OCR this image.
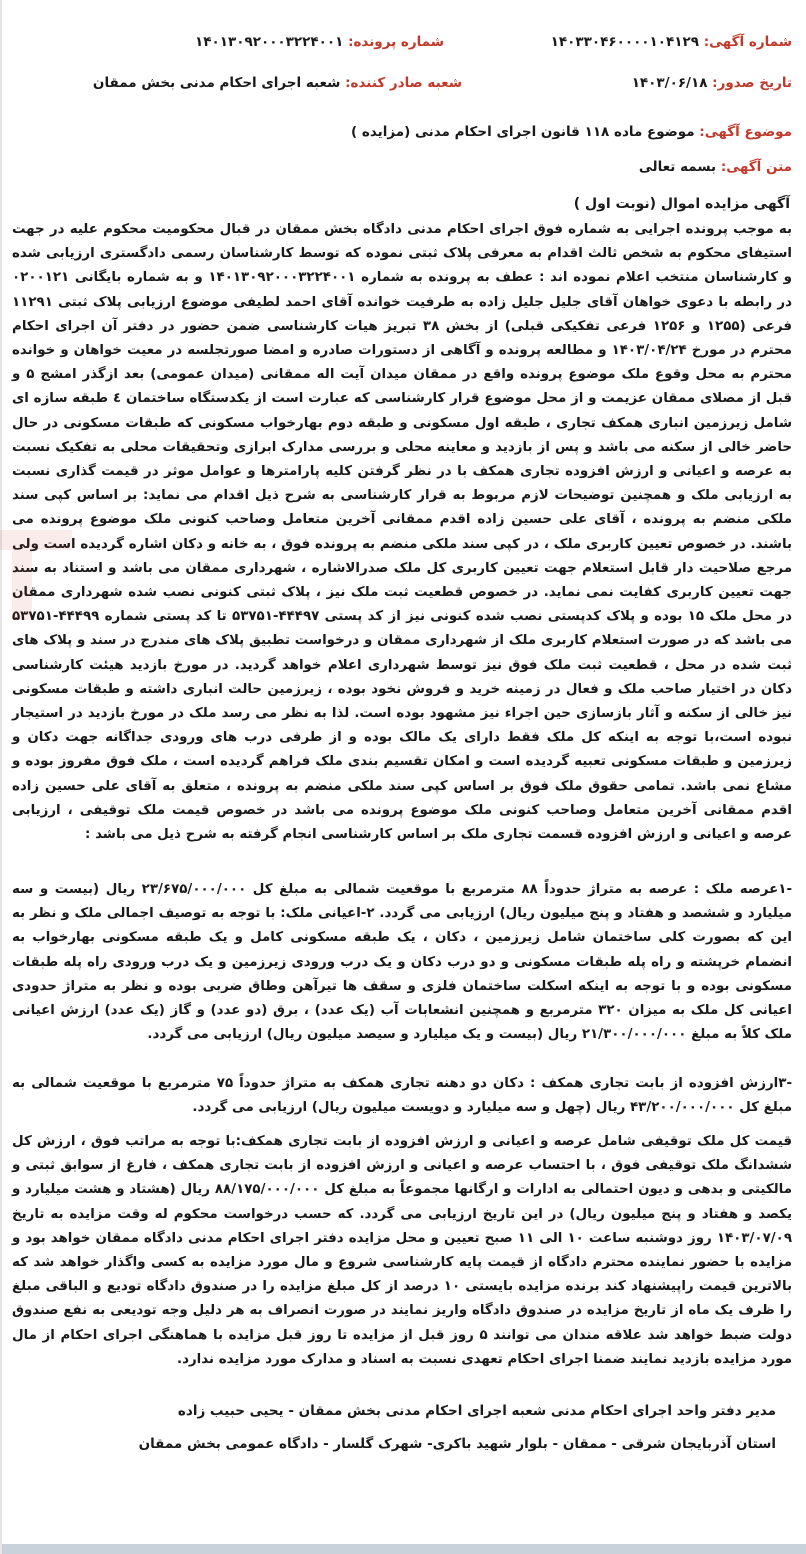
شماره آگهی: ۱۴۰۳۳۰۴۶۰۰۰۰۱۰۴۱۲۹
شماره پرونده: ۱۴۰۱۳۰۹۲۰۰۰۳۲۲۴۰۰۱
تاریخ صدور: ۱۴۰۳/۰۶/۱۸
شعبه صادر کننده: شعبه اجرای احکام مدنی بخش ممقان
موضوع آگهی: موضوع ماده ۱۱۸ قانون اجرای احکام مدنی (مزایده )
متن آگهی: بسمه تعالی
آگهی مزایده اموال (نوبت اول )
به موجب پرونده اجرایی به شماره فوق اجرای احکام مدنی دادگاه بخش ممقان در قبال محکومیت محکوم علیه در جهت استیفای محکوم به شخص ثالث اقدام به معرفی پلاک ثبتی نموده که توسط کارشناسان رسمی دادگستری ارزیابی شده و کارشناسان منتخب اعلام نموده اند : عطف به پرونده به شماره ۱۴۰۱۳۰۹۲۰۰۰۳۲۲۴۰۰۱ و به شماره بایگانی ۰۲۰۰۱۲۱ در رابطه با دعوی خواهان آقای جلیل جلیل زاده به طرفیت خوانده آقای احمد لطیفی موضوع ارزیابی پلاک ثبتی ۱۱۲۹۱ فرعی (۱۲۵۵ و ۱۲۵۶ فرعی تفکیکی قبلی) از بخش ۳۸ تبریز هیات کارشناسی ضمن حضور در دفتر آن اجرای احکام محترم در مورخ ۱۴۰۳/۰۴/۲۴ و مطالعه پرونده و آگاهی از دستورات صادره و امضا صورتجلسه در معیت خواهان و خوانده محترم به محل وقوع ملک موضوع پرونده واقع در ممقان میدان آیت اله ممقانی (میدان عمومی) بعد ازگذر امشج ۵ و قبل از مصلای ممقان عزیمت و از محل موضوع قرار کارشناسی که عبارت است از یکدستگاه ساختمان ٤ طبقه سازه ای شامل زیرزمین انباری همکف تجاری ، طبقه اول مسکونی و طبقه دوم بهارخواب مسکونی که طبقات مسکونی در حال حاضر خالی از سکنه می باشد و پس از بازدید و معاینه محلی و بررسی مدارک ابرازی وتحقیقات محلی به تفکیک نسبت به عرصه و اعیانی و ارزش افزوده تجاری همکف با در نظر گرفتن کلیه پارامترها و عوامل موثر در قیمت گذاری نسبت به ارزیابی ملک و همچنین توضیحات لازم مربوط به قرار کارشناسی به شرح ذیل اقدام می نماید: بر اساس کپی سند ملکی منضم به پرونده ، آقای علی حسین زاده اقدم ممقانی آخرین متعامل وصاحب کنونی ملک موضوع پرونده می باشند. در خصوص تعیین کاربری ملک ، در کپی سند ملکی منضم به پرونده فوق ، به خانه و دکان اشاره گردیده است ولی مرجع صلاحیت دار قابل استعلام جهت تعیین کاربری کل ملک صدرالاشاره ، شهرداری ممقان می باشد و استناد به سند جهت تعیین کاربری کفایت نمی نماید. در خصوص قطعیت ثبت ملک نیز ، پلاک ثبتی کنونی نصب شده شهرداری ممقان در محل ملک ۱۵ بوده و پلاک کدپستی نصب شده کنونی نیز از کد پستی ۴۴۴۹۷-۵۳۷۵۱ تا کد پستی شماره ۴۴۴۹۹-۵۳۷۵۱ می باشد که در صورت استعلام کاربری ملک از شهرداری ممقان و درخواست تطبیق پلاک های مندرج در سند و پلاک های ثبت شده در محل ، قطعیت ثبت ملک فوق نیز توسط شهرداری اعلام خواهد گردید. در مورخ بازدید هیئت کارشناسی دکان در اختیار صاحب ملک و فعال در زمینه خرید و فروش نخود بوده ، زیرزمین حالت انباری داشته و طبقات مسکونی نیز خالی از سکنه و آثار بازسازی حین اجراء نیز مشهود بوده است. لذا به نظر می رسد ملک در مورخ بازدید در استیجار نبوده است،با توجه به اینکه کل ملک فقط دارای یک مالک بوده و از طرفی درب های ورودی جداگانه جهت دکان و زیرزمین و طبقات مسکونی تعبیه گردیده است و امکان تقسیم بندی ملک فراهم گردیده است ، ملک فوق مفروز بوده و مشاع نمی باشد. تمامی حقوق ملک فوق بر اساس کپی سند ملکی منضم به پرونده ، متعلق به آقای علی حسین زاده اقدم ممقانی آخرین متعامل وصاحب کنونی ملک موضوع پرونده می باشد در خصوص قیمت ملک توقیفی ، ارزیابی عرصه و اعیانی و ارزش افزوده قسمت تجاری ملک بر اساس کارشناسی انجام گرفته به شرح ذیل می باشد :
-۱عرصه ملک : عرصه به متراژ حدوداً ۸۸ مترمربع با موقعیت شمالی به مبلغ کل ۲۳/۶۷۵/۰۰۰/۰۰۰ ریال (بیست و سه میلیارد و ششصد و هفتاد و پنج میلیون ریال) ارزیابی می گردد. ۲-اعیانی ملک: با توجه به توصیف اجمالی ملک و نظر به این که بصورت کلی ساختمان شامل زیرزمین ، دکان ، یک طبقه مسکونی کامل و یک طبقه مسکونی بهارخواب به انضمام خرپشته و راه پله طبقات مسکونی و دو درب دکان و یک درب ورودی زیرزمین و یک درب ورودی راه پله طبقات مسکونی بوده و با توجه به اینکه اسکلت ساختمان فلزی و سقف ها تیرآهن وطاق ضربی بوده و نظر به متراژ حدودی اعیانی کل ملک به میزان ۳۲۰ مترمربع و همچنین انشعابات آب (یک عدد) ، برق (دو عدد) و گاز (یک عدد) ارزش اعیانی ملک کلاً به مبلغ ۲۱/۳۰۰/۰۰۰/۰۰۰ ریال (بیست و یک میلیارد و سیصد میلیون ریال) ارزیابی می گردد.
-۳ارزش افزوده از بابت تجاری همکف : دکان دو دهنه تجاری همکف به متراژ حدوداً ۷۵ مترمربع با موقعیت شمالی به مبلغ کل ۴۳/۲۰۰/۰۰۰/۰۰۰ ریال (چهل و سه میلیارد و دویست میلیون ریال) ارزیابی می گردد.
قیمت کل ملک توقیفی شامل عرصه و اعیانی و ارزش افزوده از بابت تجاری همکف:با توجه به مراتب فوق ، ارزش کل ششدانگ ملک توقیفی فوق ، با احتساب عرصه و اعیانی و ارزش افزوده از بابت تجاری همکف ، فارغ از سوابق ثبتی و مالکیتی و بدهی و دیون احتمالی به ادارات و ارگانها مجموعاً به مبلغ کل ۸۸/۱۷۵/۰۰۰/۰۰۰ ریال (هشتاد و هشت میلیارد و یکصد و هفتاد و پنج میلیون ریال) در این تاریخ ارزیابی می گردد. که حسب درخواست محکوم له وقت مزایده به تاریخ ۱۴۰۳/۰۷/۰۹ روز دوشنبه ساعت ۱۰ الی ۱۱ صبح تعیین و محل مزایده دفتر اجرای احکام مدنی دادگاه ممقان خواهد بود و مزایده با حضور نماینده محترم دادگاه از قیمت پایه کارشناسی شروع و مال مورد مزایده به کسی واگذار خواهد شد که بالاترین قیمت راپیشنهاد کند برنده مزایده بایستی ۱۰ درصد از کل مبلغ مزایده را در صندوق دادگاه تودیع و الباقی مبلغ را ظرف یک ماه از تاریخ مزایده در صندوق دادگاه واریز نمایند در صورت انصراف به هر دلیل وجه تودیعی به نفع صندوق دولت ضبط خواهد شد علاقه مندان می توانند ۵ روز قبل از مزایده تا روز قبل مزایده با هماهنگی اجرای احکام از مال مورد مزایده بازدید نمایند ضمنا اجرای احکام تعهدی نسبت به اسناد و مدارک مورد مزایده ندارد.
مدیر دفتر واحد اجرای احکام مدنی شعبه اجرای احکام مدنی بخش ممقان - یحیی حبیب زاده
استان آذربایجان شرقی - ممقان - بلوار شهید باکری- شهرک گلسار - دادگاه عمومی بخش ممقان
